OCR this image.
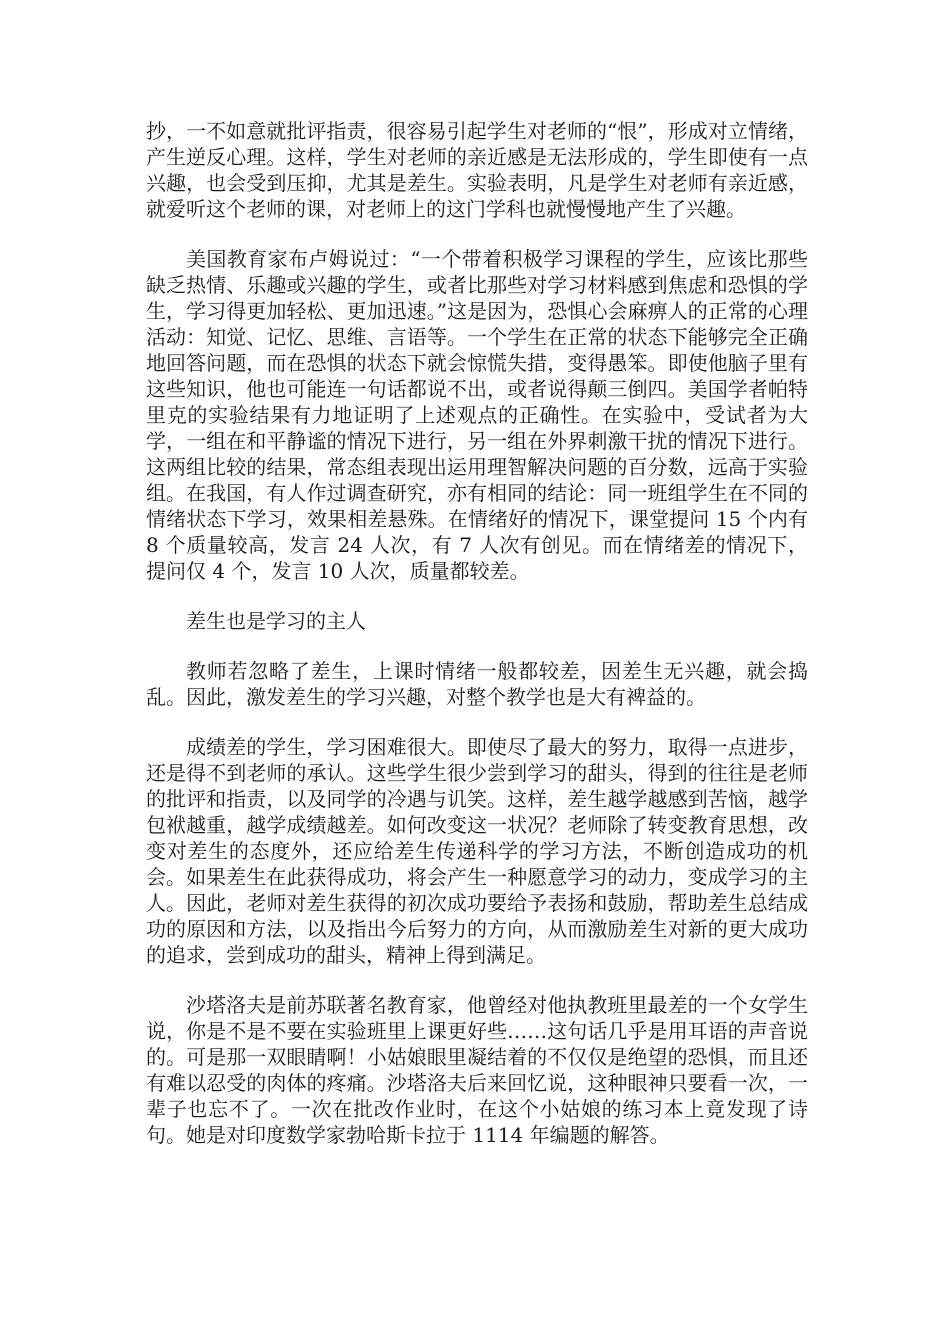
抄，一不如意就批评指责，很容易引起学生对老师的“恨”，形成对立情绪，产生逆反心理。这样，学生对老师的亲近感是无法形成的，学生即使有一点兴趣，也会受到压抑，尤其是差生。实验表明，凡是学生对老师有亲近感，就爱听这个老师的课，对老师上的这门学科也就慢慢地产生了兴趣。

美国教育家布卢姆说过：“一个带着积极学习课程的学生，应该比那些缺乏热情、乐趣或兴趣的学生，或者比那些对学习材料感到焦虑和恐惧的学生，学习得更加轻松、更加迅速。”这是因为，恐惧心会麻痹人的正常的心理活动：知觉、记忆、思维、言语等。一个学生在正常的状态下能够完全正确地回答问题，而在恐惧的状态下就会惊慌失措，变得愚笨。即使他脑子里有这些知识，他也可能连一句话都说不出，或者说得颠三倒四。美国学者帕特里克的实验结果有力地证明了上述观点的正确性。在实验中，受试者为大学，一组在和平静谧的情况下进行，另一组在外界刺激干扰的情况下进行。这两组比较的结果，常态组表现出运用理智解决问题的百分数，远高于实验组。在我国，有人作过调查研究，亦有相同的结论：同一班组学生在不同的情绪状态下学习，效果相差悬殊。在情绪好的情况下，课堂提问 15 个内有 8 个质量较高，发言 24 人次，有 7 人次有创见。而在情绪差的情况下，提问仅 4 个，发言 10 人次，质量都较差。

差生也是学习的主人

教师若忽略了差生，上课时情绪一般都较差，因差生无兴趣，就会捣乱。因此，激发差生的学习兴趣，对整个教学也是大有裨益的。

成绩差的学生，学习困难很大。即使尽了最大的努力，取得一点进步，还是得不到老师的承认。这些学生很少尝到学习的甜头，得到的往往是老师的批评和指责，以及同学的冷遇与讥笑。这样，差生越学越感到苦恼，越学包袱越重，越学成绩越差。如何改变这一状况？老师除了转变教育思想，改变对差生的态度外，还应给差生传递科学的学习方法，不断创造成功的机会。如果差生在此获得成功，将会产生一种愿意学习的动力，变成学习的主人。因此，老师对差生获得的初次成功要给予表扬和鼓励，帮助差生总结成功的原因和方法，以及指出今后努力的方向，从而激励差生对新的更大成功的追求，尝到成功的甜头，精神上得到满足。

沙塔洛夫是前苏联著名教育家，他曾经对他执教班里最差的一个女学生说，你是不是不要在实验班里上课更好些……这句话几乎是用耳语的声音说的。可是那一双眼睛啊！小姑娘眼里凝结着的不仅仅是绝望的恐惧，而且还有难以忍受的肉体的疼痛。沙塔洛夫后来回忆说，这种眼神只要看一次，一辈子也忘不了。一次在批改作业时，在这个小姑娘的练习本上竟发现了诗句。她是对印度数学家勃哈斯卡拉于 1114 年编题的解答。
